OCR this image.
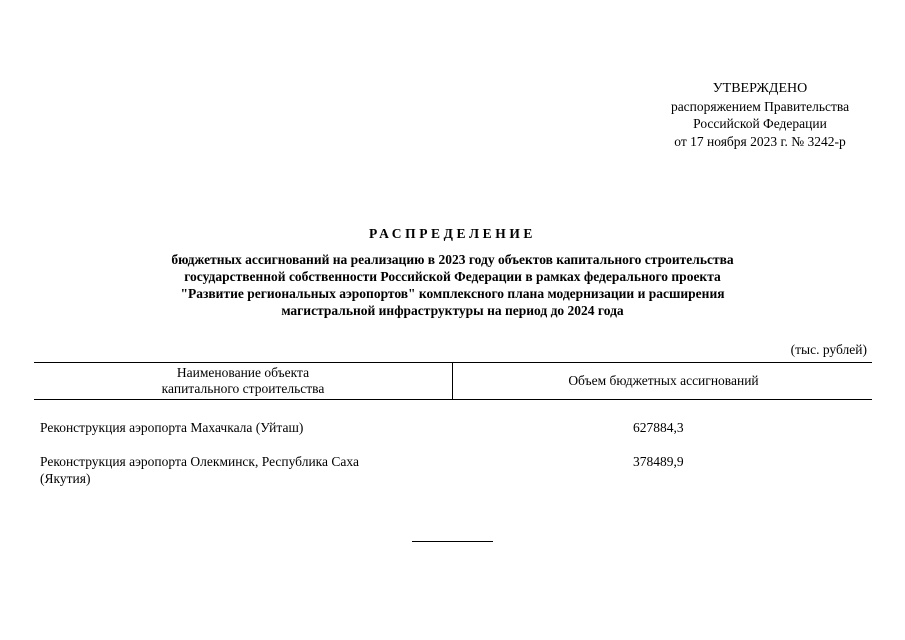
УТВЕРЖДЕНО
распоряжением Правительства
Российской Федерации
от 17 ноября 2023 г. № 3242-р
РАСПРЕДЕЛЕНИЕ
бюджетных ассигнований на реализацию в 2023 году объектов капитального строительства
государственной собственности Российской Федерации в рамках федерального проекта
"Развитие региональных аэропортов" комплексного плана модернизации и расширения
магистральной инфраструктуры на период до 2024 года
(тыс. рублей)
Наименование объекта
капитального строительства
Объем бюджетных ассигнований
Реконструкция аэропорта Махачкала (Уйташ)	627884,3
Реконструкция аэропорта Олекминск, Республика Саха
(Якутия)
378489,9
